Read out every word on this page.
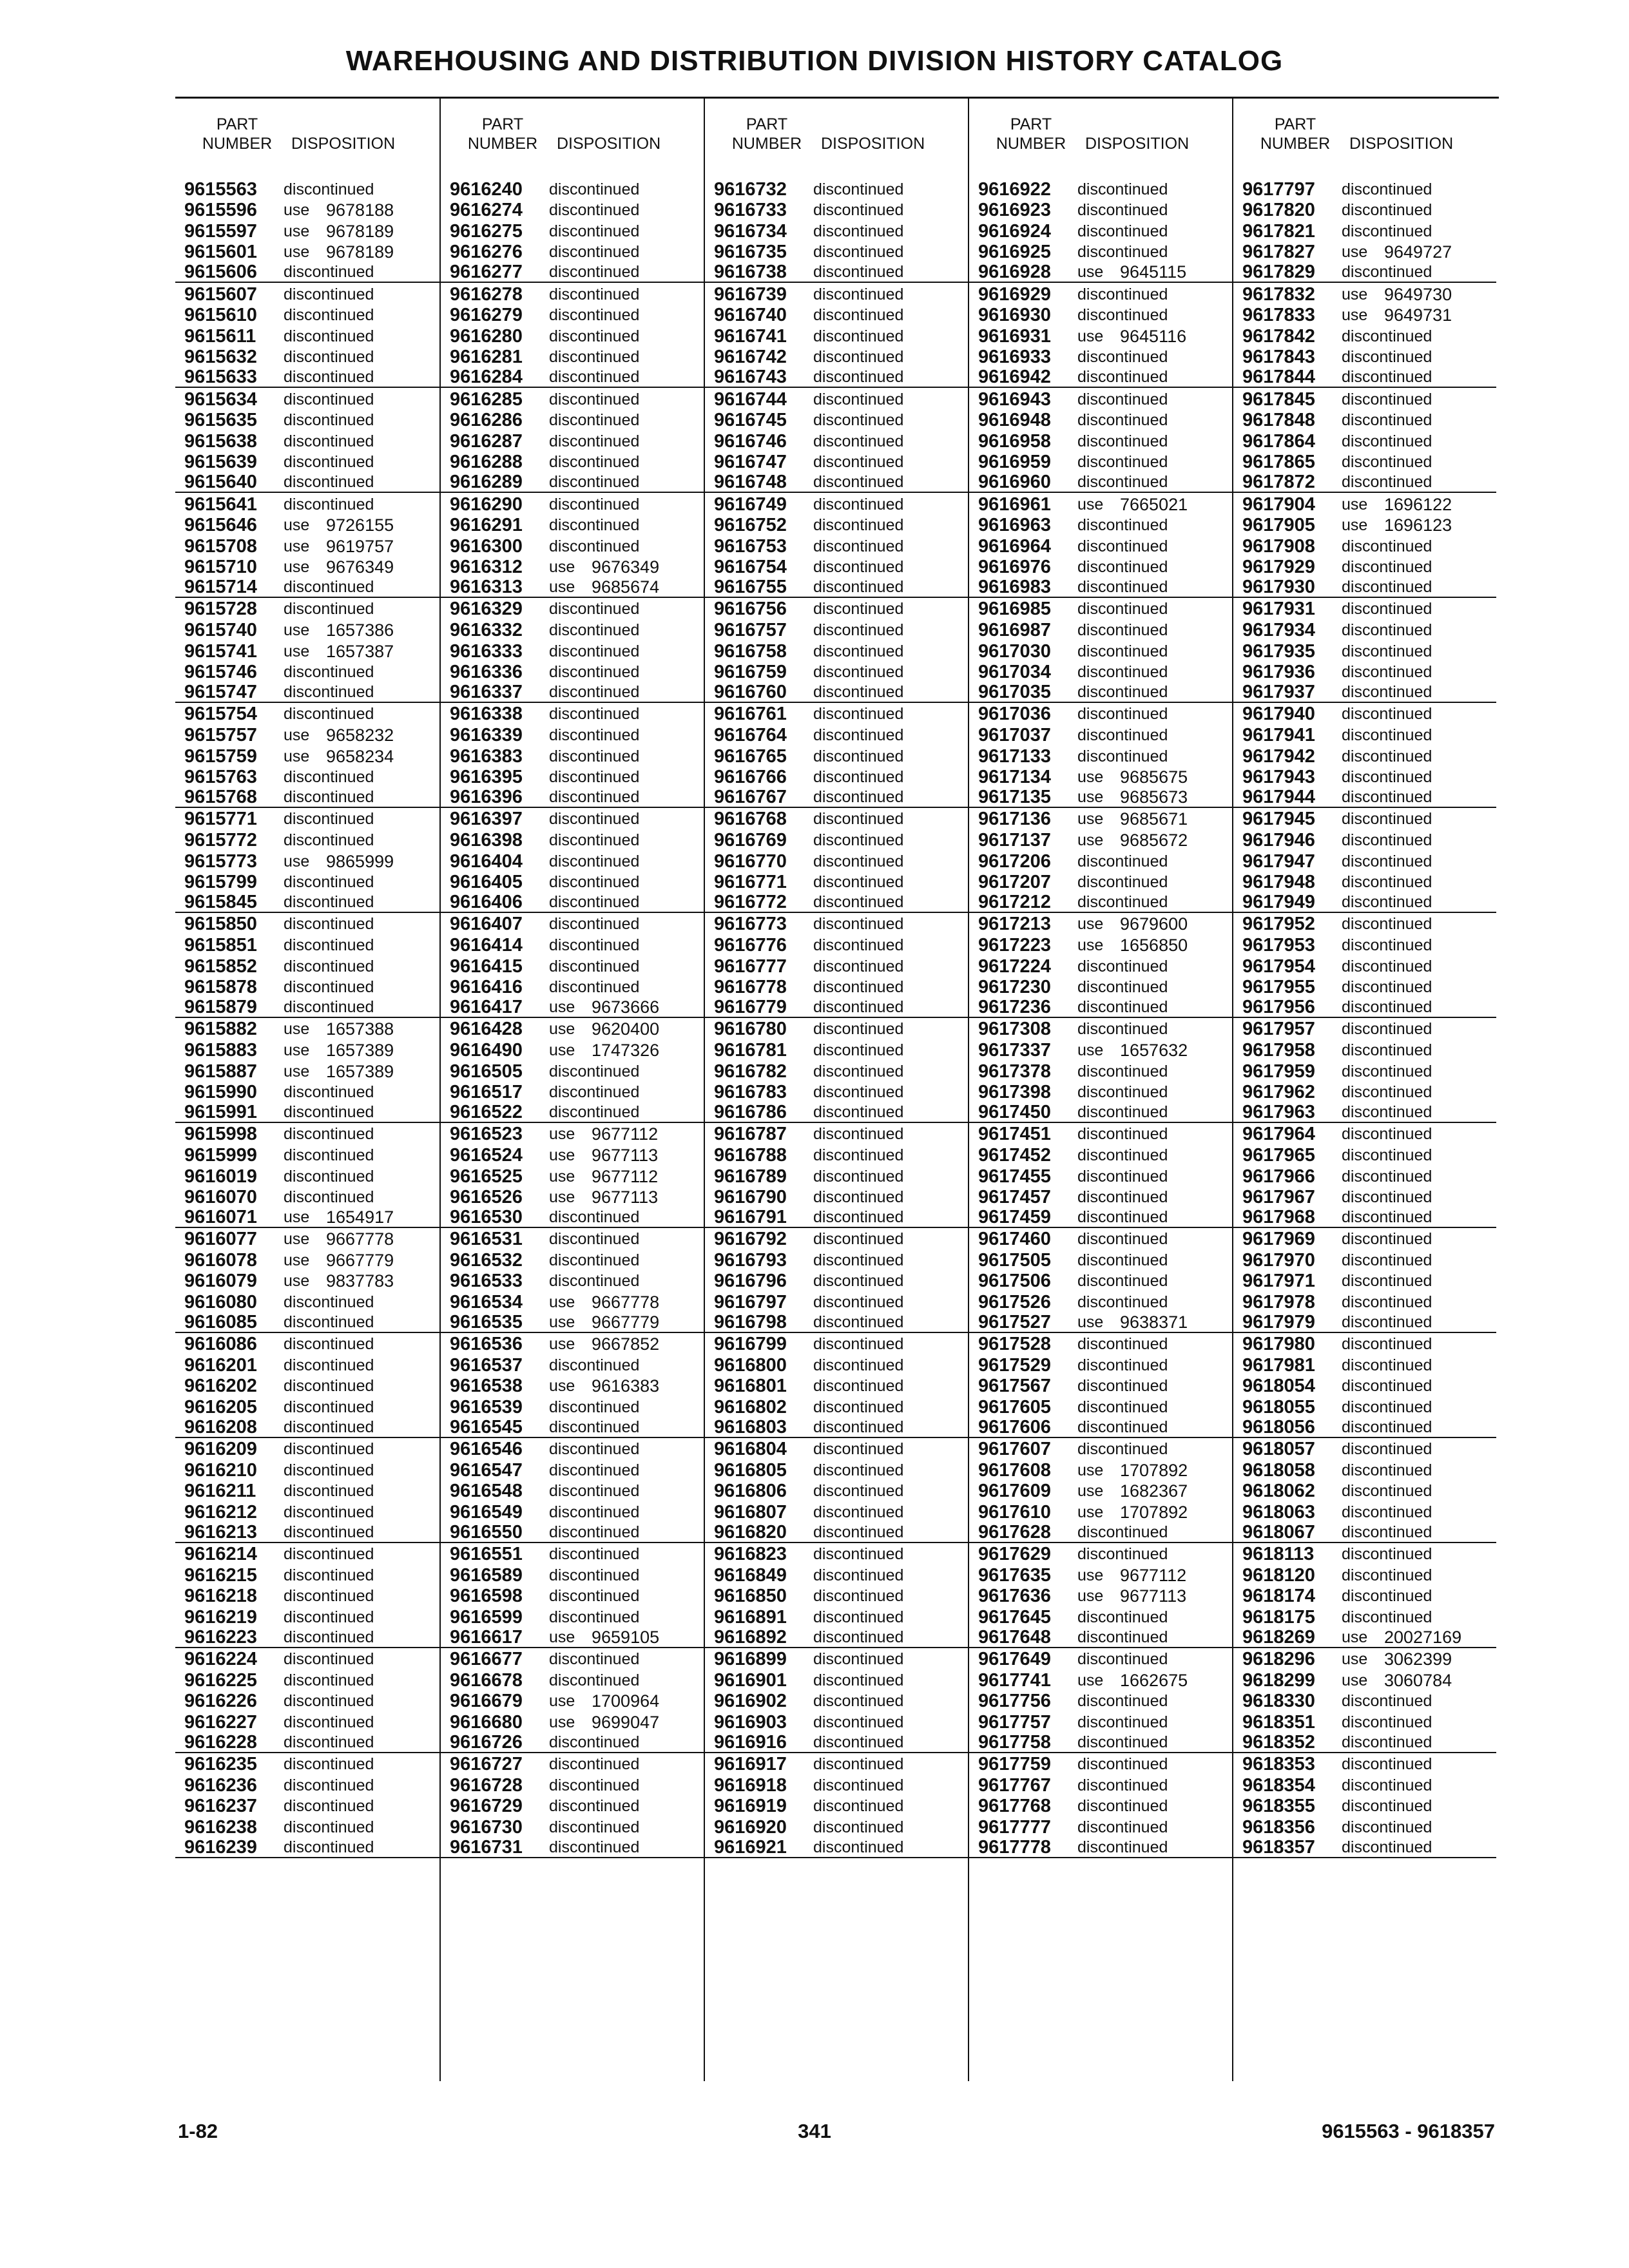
WAREHOUSING AND DISTRIBUTION DIVISION HISTORY CATALOG
PART
NUMBER	DISPOSITION
9615563	discontinued
9615596	use 9678188
9615597	use 9678189
9615601	use 9678189
9615606	discontinued
9615607	discontinued
9615610	discontinued
9615611	discontinued
9615632	discontinued
9615633	discontinued
9615634	discontinued
9615635	discontinued
9615638	discontinued
9615639	discontinued
9615640	discontinued
9615641	discontinued
9615646	use 9726155
9615708	use 9619757
9615710	use 9676349
9615714	discontinued
9615728	discontinued
9615740	use 1657386
9615741	use 1657387
9615746	discontinued
9615747	discontinued
9615754	discontinued
9615757	use 9658232
9615759	use 9658234
9615763	discontinued
9615768	discontinued
9615771	discontinued
9615772	discontinued
9615773	use 9865999
9615799	discontinued
9615845	discontinued
9615850	discontinued
9615851	discontinued
9615852	discontinued
9615878	discontinued
9615879	discontinued
9615882	use 1657388
9615883	use 1657389
9615887	use 1657389
9615990	discontinued
9615991	discontinued
9615998	discontinued
9615999	discontinued
9616019	discontinued
9616070	discontinued
9616071	use 1654917
9616077	use 9667778
9616078	use 9667779
9616079	use 9837783
9616080	discontinued
9616085	discontinued
9616086	discontinued
9616201	discontinued
9616202	discontinued
9616205	discontinued
9616208	discontinued
9616209	discontinued
9616210	discontinued
9616211	discontinued
9616212	discontinued
9616213	discontinued
9616214	discontinued
9616215	discontinued
9616218	discontinued
9616219	discontinued
9616223	discontinued
9616224	discontinued
9616225	discontinued
9616226	discontinued
9616227	discontinued
9616228	discontinued
9616235	discontinued
9616236	discontinued
9616237	discontinued
9616238	discontinued
9616239	discontinued
PART
NUMBER	DISPOSITION
9616240	discontinued
9616274	discontinued
9616275	discontinued
9616276	discontinued
9616277	discontinued
9616278	discontinued
9616279	discontinued
9616280	discontinued
9616281	discontinued
9616284	discontinued
9616285	discontinued
9616286	discontinued
9616287	discontinued
9616288	discontinued
9616289	discontinued
9616290	discontinued
9616291	discontinued
9616300	discontinued
9616312	use 9676349
9616313	use 9685674
9616329	discontinued
9616332	discontinued
9616333	discontinued
9616336	discontinued
9616337	discontinued
9616338	discontinued
9616339	discontinued
9616383	discontinued
9616395	discontinued
9616396	discontinued
9616397	discontinued
9616398	discontinued
9616404	discontinued
9616405	discontinued
9616406	discontinued
9616407	discontinued
9616414	discontinued
9616415	discontinued
9616416	discontinued
9616417	use 9673666
9616428	use 9620400
9616490	use 1747326
9616505	discontinued
9616517	discontinued
9616522	discontinued
9616523	use 9677112
9616524	use 9677113
9616525	use 9677112
9616526	use 9677113
9616530	discontinued
9616531	discontinued
9616532	discontinued
9616533	discontinued
9616534	use 9667778
9616535	use 9667779
9616536	use 9667852
9616537	discontinued
9616538	use 9616383
9616539	discontinued
9616545	discontinued
9616546	discontinued
9616547	discontinued
9616548	discontinued
9616549	discontinued
9616550	discontinued
9616551	discontinued
9616589	discontinued
9616598	discontinued
9616599	discontinued
9616617	use 9659105
9616677	discontinued
9616678	discontinued
9616679	use 1700964
9616680	use 9699047
9616726	discontinued
9616727	discontinued
9616728	discontinued
9616729	discontinued
9616730	discontinued
9616731	discontinued
PART
NUMBER	DISPOSITION
9616732	discontinued
9616733	discontinued
9616734	discontinued
9616735	discontinued
9616738	discontinued
9616739	discontinued
9616740	discontinued
9616741	discontinued
9616742	discontinued
9616743	discontinued
9616744	discontinued
9616745	discontinued
9616746	discontinued
9616747	discontinued
9616748	discontinued
9616749	discontinued
9616752	discontinued
9616753	discontinued
9616754	discontinued
9616755	discontinued
9616756	discontinued
9616757	discontinued
9616758	discontinued
9616759	discontinued
9616760	discontinued
9616761	discontinued
9616764	discontinued
9616765	discontinued
9616766	discontinued
9616767	discontinued
9616768	discontinued
9616769	discontinued
9616770	discontinued
9616771	discontinued
9616772	discontinued
9616773	discontinued
9616776	discontinued
9616777	discontinued
9616778	discontinued
9616779	discontinued
9616780	discontinued
9616781	discontinued
9616782	discontinued
9616783	discontinued
9616786	discontinued
9616787	discontinued
9616788	discontinued
9616789	discontinued
9616790	discontinued
9616791	discontinued
9616792	discontinued
9616793	discontinued
9616796	discontinued
9616797	discontinued
9616798	discontinued
9616799	discontinued
9616800	discontinued
9616801	discontinued
9616802	discontinued
9616803	discontinued
9616804	discontinued
9616805	discontinued
9616806	discontinued
9616807	discontinued
9616820	discontinued
9616823	discontinued
9616849	discontinued
9616850	discontinued
9616891	discontinued
9616892	discontinued
9616899	discontinued
9616901	discontinued
9616902	discontinued
9616903	discontinued
9616916	discontinued
9616917	discontinued
9616918	discontinued
9616919	discontinued
9616920	discontinued
9616921	discontinued
PART
NUMBER	DISPOSITION
9616922	discontinued
9616923	discontinued
9616924	discontinued
9616925	discontinued
9616928	use 9645115
9616929	discontinued
9616930	discontinued
9616931	use 9645116
9616933	discontinued
9616942	discontinued
9616943	discontinued
9616948	discontinued
9616958	discontinued
9616959	discontinued
9616960	discontinued
9616961	use 7665021
9616963	discontinued
9616964	discontinued
9616976	discontinued
9616983	discontinued
9616985	discontinued
9616987	discontinued
9617030	discontinued
9617034	discontinued
9617035	discontinued
9617036	discontinued
9617037	discontinued
9617133	discontinued
9617134	use 9685675
9617135	use 9685673
9617136	use 9685671
9617137	use 9685672
9617206	discontinued
9617207	discontinued
9617212	discontinued
9617213	use 9679600
9617223	use 1656850
9617224	discontinued
9617230	discontinued
9617236	discontinued
9617308	discontinued
9617337	use 1657632
9617378	discontinued
9617398	discontinued
9617450	discontinued
9617451	discontinued
9617452	discontinued
9617455	discontinued
9617457	discontinued
9617459	discontinued
9617460	discontinued
9617505	discontinued
9617506	discontinued
9617526	discontinued
9617527	use 9638371
9617528	discontinued
9617529	discontinued
9617567	discontinued
9617605	discontinued
9617606	discontinued
9617607	discontinued
9617608	use 1707892
9617609	use 1682367
9617610	use 1707892
9617628	discontinued
9617629	discontinued
9617635	use 9677112
9617636	use 9677113
9617645	discontinued
9617648	discontinued
9617649	discontinued
9617741	use 1662675
9617756	discontinued
9617757	discontinued
9617758	discontinued
9617759	discontinued
9617767	discontinued
9617768	discontinued
9617777	discontinued
9617778	discontinued
PART
NUMBER	DISPOSITION
9617797	discontinued
9617820	discontinued
9617821	discontinued
9617827	use 9649727
9617829	discontinued
9617832	use 9649730
9617833	use 9649731
9617842	discontinued
9617843	discontinued
9617844	discontinued
9617845	discontinued
9617848	discontinued
9617864	discontinued
9617865	discontinued
9617872	discontinued
9617904	use 1696122
9617905	use 1696123
9617908	discontinued
9617929	discontinued
9617930	discontinued
9617931	discontinued
9617934	discontinued
9617935	discontinued
9617936	discontinued
9617937	discontinued
9617940	discontinued
9617941	discontinued
9617942	discontinued
9617943	discontinued
9617944	discontinued
9617945	discontinued
9617946	discontinued
9617947	discontinued
9617948	discontinued
9617949	discontinued
9617952	discontinued
9617953	discontinued
9617954	discontinued
9617955	discontinued
9617956	discontinued
9617957	discontinued
9617958	discontinued
9617959	discontinued
9617962	discontinued
9617963	discontinued
9617964	discontinued
9617965	discontinued
9617966	discontinued
9617967	discontinued
9617968	discontinued
9617969	discontinued
9617970	discontinued
9617971	discontinued
9617978	discontinued
9617979	discontinued
9617980	discontinued
9617981	discontinued
9618054	discontinued
9618055	discontinued
9618056	discontinued
9618057	discontinued
9618058	discontinued
9618062	discontinued
9618063	discontinued
9618067	discontinued
9618113	discontinued
9618120	discontinued
9618174	discontinued
9618175	discontinued
9618269	use 20027169
9618296	use 3062399
9618299	use 3060784
9618330	discontinued
9618351	discontinued
9618352	discontinued
9618353	discontinued
9618354	discontinued
9618355	discontinued
9618356	discontinued
9618357	discontinued
1-82	341	9615563 - 9618357
